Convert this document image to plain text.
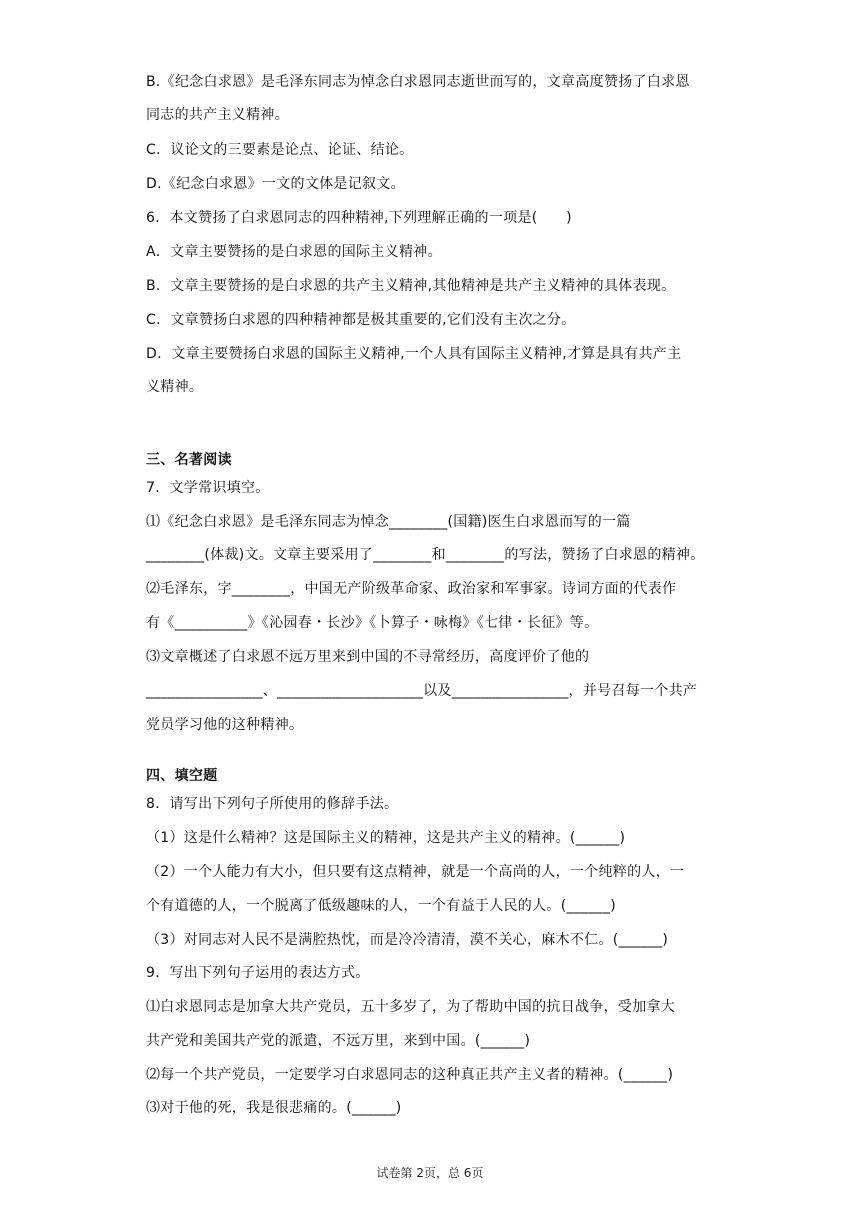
B.《纪念白求恩》是毛泽东同志为悼念白求恩同志逝世而写的，文章高度赞扬了白求恩
同志的共产主义精神。
C．议论文的三要素是论点、论证、结论。
D.《纪念白求恩》一文的文体是记叙文。
6．本文赞扬了白求恩同志的四种精神,下列理解正确的一项是(　　)
A．文章主要赞扬的是白求恩的国际主义精神。
B．文章主要赞扬的是白求恩的共产主义精神,其他精神是共产主义精神的具体表现。
C．文章赞扬白求恩的四种精神都是极其重要的,它们没有主次之分。
D．文章主要赞扬白求恩的国际主义精神,一个人具有国际主义精神,才算是具有共产主
义精神。
三、名著阅读
7．文学常识填空。
⑴《纪念白求恩》是毛泽东同志为悼念________(国籍)医生白求恩而写的一篇
________(体裁)文。文章主要采用了________和________的写法，赞扬了白求恩的精神。
⑵毛泽东，字________，中国无产阶级革命家、政治家和军事家。诗词方面的代表作
有《__________》《沁园春・长沙》《卜算子・咏梅》《七律・长征》等。
⑶文章概述了白求恩不远万里来到中国的不寻常经历，高度评价了他的
________________、____________________以及________________，并号召每一个共产
党员学习他的这种精神。
四、填空题
8．请写出下列句子所使用的修辞手法。
（1）这是什么精神？这是国际主义的精神，这是共产主义的精神。(______)
（2）一个人能力有大小，但只要有这点精神，就是一个高尚的人，一个纯粹的人，一
个有道德的人，一个脱离了低级趣味的人，一个有益于人民的人。(______)
（3）对同志对人民不是满腔热忱，而是冷冷清清，漠不关心，麻木不仁。(______)
9．写出下列句子运用的表达方式。
⑴白求恩同志是加拿大共产党员，五十多岁了，为了帮助中国的抗日战争，受加拿大
共产党和美国共产党的派遣，不远万里，来到中国。(______)
⑵每一个共产党员，一定要学习白求恩同志的这种真正共产主义者的精神。(______)
⑶对于他的死，我是很悲痛的。(______)
试卷第 2页，总 6页
